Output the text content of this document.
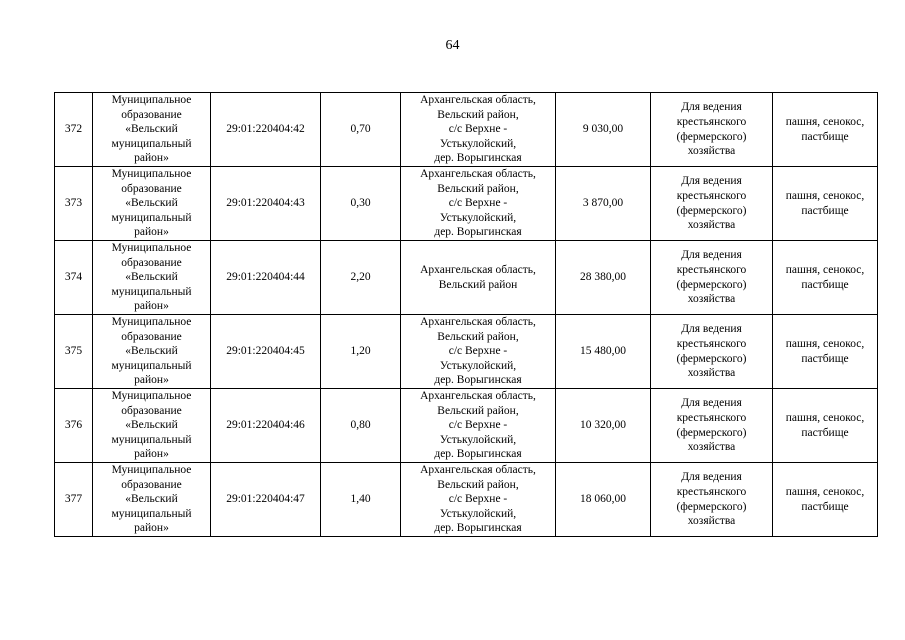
64
372	Муниципальное
образование
«Вельский
муниципальный
район»	29:01:220404:42	0,70	Архангельская область,
Вельский район,
с/с Верхне -
Устькулойский,
дер. Ворыгинская	9 030,00	Для ведения
крестьянского
(фермерского)
хозяйства	пашня, сенокос,
пастбище

373	Муниципальное
образование
«Вельский
муниципальный
район»	29:01:220404:43	0,30	Архангельская область,
Вельский район,
с/с Верхне -
Устькулойский,
дер. Ворыгинская	3 870,00	Для ведения
крестьянского
(фермерского)
хозяйства	пашня, сенокос,
пастбище

374	Муниципальное
образование
«Вельский
муниципальный
район»	29:01:220404:44	2,20	Архангельская область,
Вельский район	28 380,00	Для ведения
крестьянского
(фермерского)
хозяйства	пашня, сенокос,
пастбище

375	Муниципальное
образование
«Вельский
муниципальный
район»	29:01:220404:45	1,20	Архангельская область,
Вельский район,
с/с Верхне -
Устькулойский,
дер. Ворыгинская	15 480,00	Для ведения
крестьянского
(фермерского)
хозяйства	пашня, сенокос,
пастбище

376	Муниципальное
образование
«Вельский
муниципальный
район»	29:01:220404:46	0,80	Архангельская область,
Вельский район,
с/с Верхне -
Устькулойский,
дер. Ворыгинская	10 320,00	Для ведения
крестьянского
(фермерского)
хозяйства	пашня, сенокос,
пастбище

377	Муниципальное
образование
«Вельский
муниципальный
район»	29:01:220404:47	1,40	Архангельская область,
Вельский район,
с/с Верхне -
Устькулойский,
дер. Ворыгинская	18 060,00	Для ведения
крестьянского
(фермерского)
хозяйства	пашня, сенокос,
пастбище
